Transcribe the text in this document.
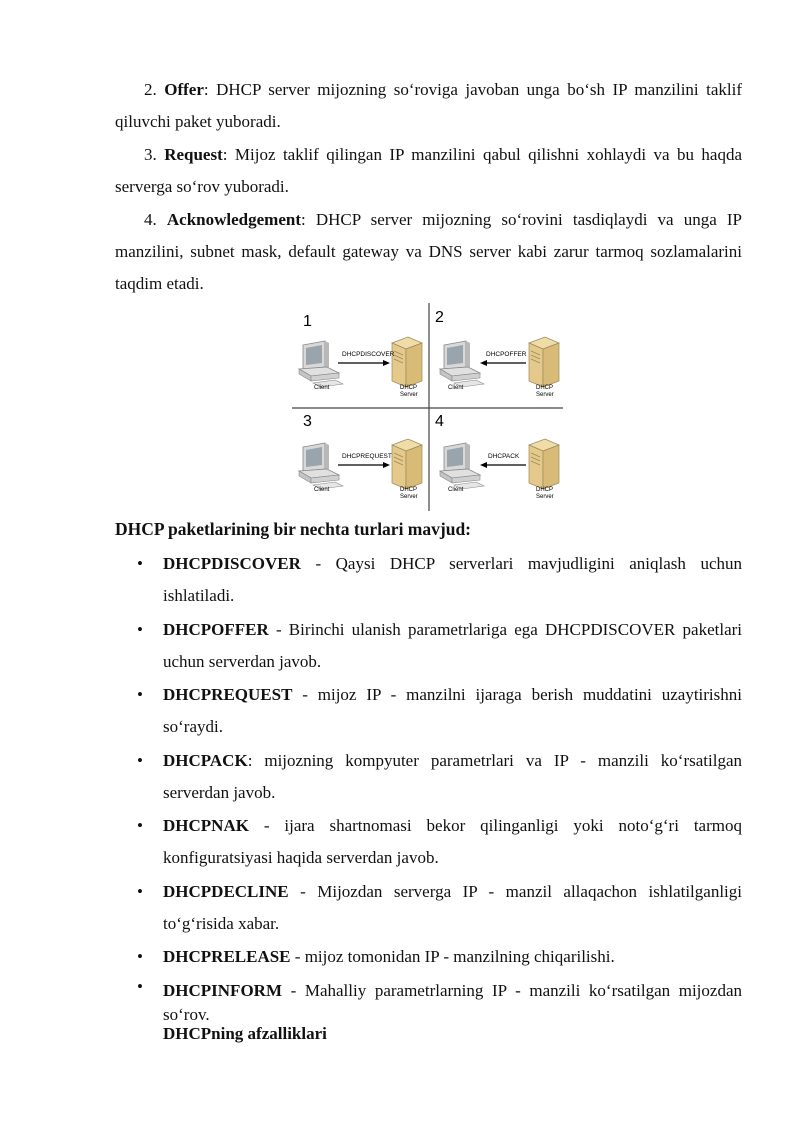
2. Offer: DHCP server mijozning so‘roviga javoban unga bo‘sh IP manzilini taklif qiluvchi paket yuboradi.

3. Request: Mijoz taklif qilingan IP manzilini qabul qilishni xohlaydi va bu haqda serverga so‘rov yuboradi.

4. Acknowledgement: DHCP server mijozning so‘rovini tasdiqlaydi va unga IP manzilini, subnet mask, default gateway va DNS server kabi zarur tarmoq sozlamalarini taqdim etadi.

1
DHCPDISCOVER
Client	DHCP
Server
2
DHCPOFFER
Client	DHCP
Server
3
DHCPREQUEST
Client	DHCP
Server
4
DHCPACK
Client	DHCP
Server

DHCP paketlarining bir nechta turlari mavjud:

• DHCPDISCOVER - Qaysi DHCP serverlari mavjudligini aniqlash uchun ishlatiladi.
• DHCPOFFER - Birinchi ulanish parametrlariga ega DHCPDISCOVER paketlari uchun serverdan javob.
• DHCPREQUEST - mijoz IP - manzilni ijaraga berish muddatini uzaytirishni so‘raydi.
• DHCPACK: mijozning kompyuter parametrlari va IP - manzili ko‘rsatilgan serverdan javob.
• DHCPNAK - ijara shartnomasi bekor qilinganligi yoki noto‘g‘ri tarmoq konfiguratsiyasi haqida serverdan javob.
• DHCPDECLINE - Mijozdan serverga IP - manzil allaqachon ishlatilganligi to‘g‘risida xabar.
• DHCPRELEASE - mijoz tomonidan IP - manzilning chiqarilishi.
• DHCPINFORM - Mahalliy parametrlarning IP - manzili ko‘rsatilgan mijozdan so‘rov.

DHCPning afzalliklari
